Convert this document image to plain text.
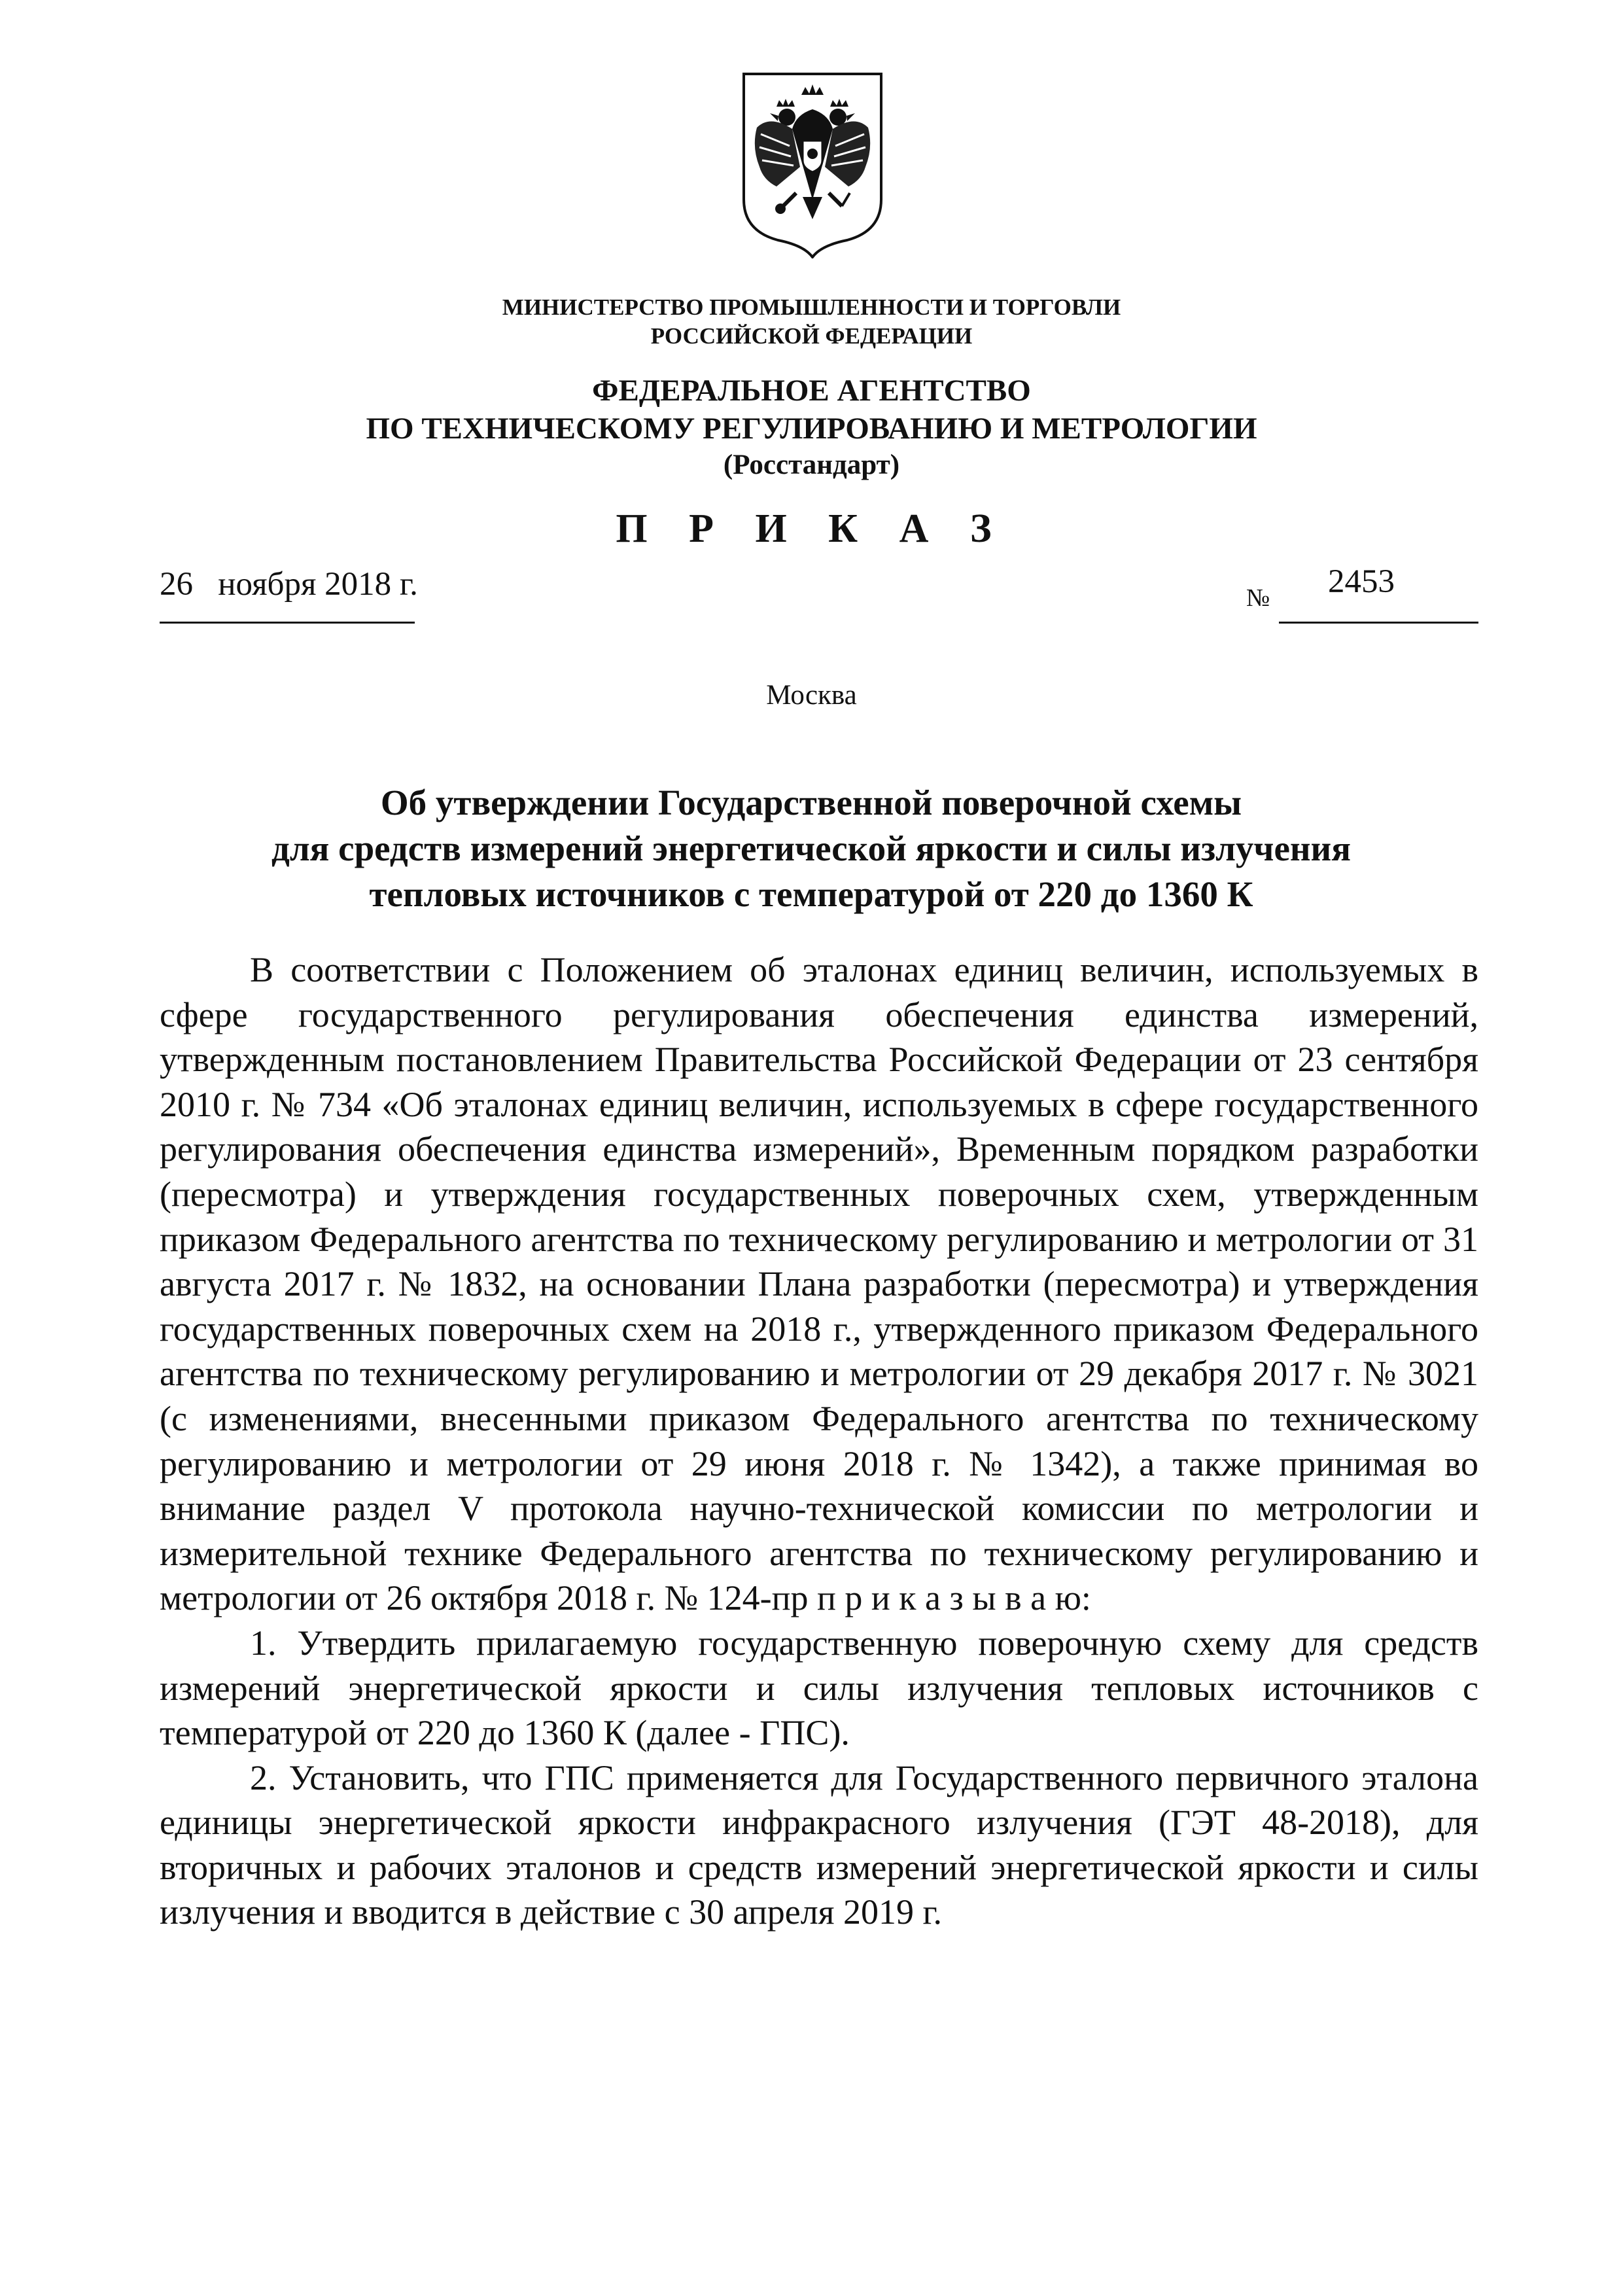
МИНИСТЕРСТВО ПРОМЫШЛЕННОСТИ И ТОРГОВЛИ
РОССИЙСКОЙ ФЕДЕРАЦИИ
ФЕДЕРАЛЬНОЕ АГЕНТСТВО
ПО ТЕХНИЧЕСКОМУ РЕГУЛИРОВАНИЮ И МЕТРОЛОГИИ
(Росстандарт)
П Р И К А З
26   ноября 2018 г.	№ 2453
Москва
Об утверждении Государственной поверочной схемы
для средств измерений энергетической яркости и силы излучения
тепловых источников с температурой от 220 до 1360 К

В соответствии с Положением об эталонах единиц величин, используемых в сфере государственного регулирования обеспечения единства измерений, утвержденным постановлением Правительства Российской Федерации от 23 сентября 2010 г. № 734 «Об эталонах единиц величин, используемых в сфере государственного регулирования обеспечения единства измерений», Временным порядком разработки (пересмотра) и утверждения государственных поверочных схем, утвержденным приказом Федерального агентства по техническому регулированию и метрологии от 31 августа 2017 г. № 1832, на основании Плана разработки (пересмотра) и утверждения государственных поверочных схем на 2018 г., утвержденного приказом Федерального агентства по техническому регулированию и метрологии от 29 декабря 2017 г. № 3021 (с изменениями, внесенными приказом Федерального агентства по техническому регулированию и метрологии от 29 июня 2018 г. № 1342), а также принимая во внимание раздел V протокола научно-технической комиссии по метрологии и измерительной технике Федерального агентства по техническому регулированию и метрологии от 26 октября 2018 г. № 124-пр п р и к а з ы в а ю:

1. Утвердить прилагаемую государственную поверочную схему для средств измерений энергетической яркости и силы излучения тепловых источников с температурой от 220 до 1360 К (далее - ГПС).

2. Установить, что ГПС применяется для Государственного первичного эталона единицы энергетической яркости инфракрасного излучения (ГЭТ 48-2018), для вторичных и рабочих эталонов и средств измерений энергетической яркости и силы излучения и вводится в действие с 30 апреля 2019 г.
